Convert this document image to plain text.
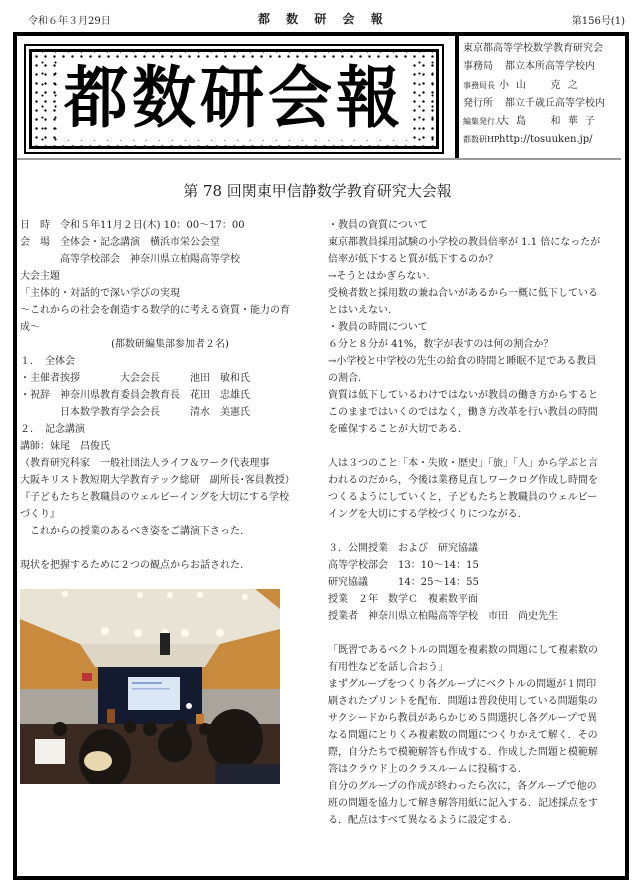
令和６年３月29日	都 数 研 会 報	第156号(1)
都数研会報
東京都高等学校数学教育研究会
事務局	都立本所高等学校内
事務局長 小 山 　 克 之
発行所	都立千歳丘高等学校内
編集発行人
大 島 　 和 華 子
都数研HP http://tosuuken.jp/
第 78 回関東甲信静数学教育研究大会報
日　時　令和５年11月２日(木) 10：00～17：00
会　場　全体会・記念講演　横浜市栄公会堂
　　　　高等学校部会　神奈川県立柏陽高等学校
大会主題
「主体的・対話的で深い学びの実現
～これからの社会を創造する数学的に考える資質・能力の育
成～
(都数研編集部参加者２名)
１．　全体会
・主催者挨拶　　　　大会会長　　　池田　敏和氏
・祝辞　神奈川県教育委員会教育長　花田　忠雄氏
　　　　日本数学教育学会会長　　　清水　美憲氏
２．　記念講演
講師：妹尾　昌俊氏
（教育研究科家　一般社団法人ライフ＆ワーク代表理事
大阪キリスト教短期大学教育テック総研　副所長･客員教授）
『子どもたちと教職員のウェルビーイングを大切にする学校
づくり』
　これからの授業のあるべき姿をご講演下さった.
現状を把握するために２つの観点からお話された.
・教員の資質について
東京都教員採用試験の小学校の教員倍率が 1.1 倍になったが
倍率が低下すると質が低下するのか？
→そうとはかぎらない.
受検者数と採用数の兼ね合いがあるから一概に低下している
とはいえない.
・教員の時間について
６分と８分が 41%，数字が表すのは何の割合か？
→小学校と中学校の先生の給食の時間と睡眠不足である教員
の割合.
資質は低下しているわけではないが教員の働き方からすると
このままではいくのではなく，働き方改革を行い教員の時間
を確保することが大切である.
人は３つのこと「本・失敗・歴史」「旅」「人」から学ぶと言
われるのだから，今後は業務見直しワークログ作成し時間を
つくるようにしていくと，子どもたちと教職員のウェルビー
イングを大切にする学校づくりにつながる.
３．公開授業　および　研究協議
高等学校部会　13：10～14：15
研究協議　　　14：25～14：55
授業　２年　数学Ｃ　複素数平面
授業者　神奈川県立柏陽高等学校　市田　尚史先生
「既習であるベクトルの問題を複素数の問題にして複素数の
有用性などを話し合おう」
まずグループをつくり各グループにベクトルの問題が１問印
刷されたプリントを配布．問題は普段使用している問題集の
サクシードから教員があらかじめ５問選択し各グループで異
なる問題にとりくみ複素数の問題につくりかえて解く．その
際，自分たちで模範解答も作成する．作成した問題と模範解
答はクラウド上のクラスルームに投稿する.
自分のグループの作成が終わったら次に，各グループで他の
班の問題を協力して解き解答用紙に記入する．記述採点をす
る．配点はすべて異なるように設定する.
